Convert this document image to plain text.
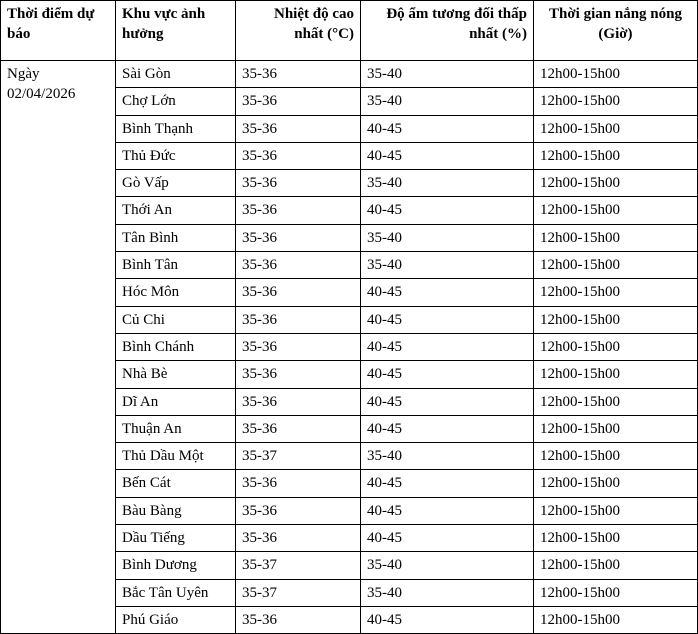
Thời điểm dự báo	Khu vực ảnh hưởng	Nhiệt độ cao nhất (°C)	Độ ẩm tương đối thấp nhất (%)	Thời gian nắng nóng (Giờ)

Ngày
02/04/2026	Sài Gòn	35-36	35-40	12h00-15h00
	Chợ Lớn	35-36	35-40	12h00-15h00
	Bình Thạnh	35-36	40-45	12h00-15h00
	Thủ Đức	35-36	40-45	12h00-15h00
	Gò Vấp	35-36	35-40	12h00-15h00
	Thới An	35-36	40-45	12h00-15h00
	Tân Bình	35-36	35-40	12h00-15h00
	Bình Tân	35-36	35-40	12h00-15h00
	Hóc Môn	35-36	40-45	12h00-15h00
	Củ Chi	35-36	40-45	12h00-15h00
	Bình Chánh	35-36	40-45	12h00-15h00
	Nhà Bè	35-36	40-45	12h00-15h00
	Dĩ An	35-36	40-45	12h00-15h00
	Thuận An	35-36	40-45	12h00-15h00
	Thủ Dầu Một	35-37	35-40	12h00-15h00
	Bến Cát	35-36	40-45	12h00-15h00
	Bàu Bàng	35-36	40-45	12h00-15h00
	Dầu Tiếng	35-36	40-45	12h00-15h00
	Bình Dương	35-37	35-40	12h00-15h00
	Bắc Tân Uyên	35-37	35-40	12h00-15h00
	Phú Giáo	35-36	40-45	12h00-15h00
